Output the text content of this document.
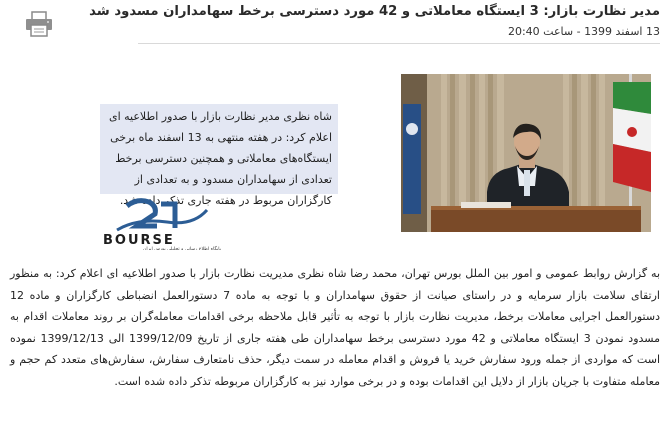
مدیر نظارت بازار: 3 ایستگاه معاملاتی و 42 مورد دسترسی برخط سهامداران مسدود شد
13 اسفند 1399 - ساعت 20:40
شاه نظری مدیر نظارت بازار با صدور اطلاعیه ای اعلام کرد: در هفته منتهی به 13 اسفند ماه برخی ایستگاه‌های معاملاتی و همچنین دسترسی برخط تعدادی از سهامداران مسدود و به تعدادی از کارگزاران مربوط در هفته جاری تذکر داده شد.
BOURSE
پایگاه اطلاع رسانی و تحلیلی بورس ایران
به گزارش روابط عمومی و امور بین الملل بورس تهران، محمد رضا شاه نظری مدیریت نظارت بازار با صدور اطلاعیه ای اعلام کرد: به منظور ارتقای سلامت بازار سرمایه و در راستای صیانت از حقوق سهامداران و با توجه به ماده 7 دستورالعمل انضباطی کارگزاران و ماده 12 دستورالعمل اجرایی معاملات برخط، مدیریت نظارت بازار با توجه به تأثیر قابل ملاحظه برخی اقدامات معامله‌گران بر روند معاملات اقدام به مسدود نمودن 3 ایستگاه معاملاتی و 42 مورد دسترسی برخط سهامداران طی هفته جاری از تاریخ 1399/12/09 الی 1399/12/13 نموده است که مواردی از جمله ورود سفارش خرید یا فروش و اقدام معامله در سمت دیگر، حذف نامتعارف سفارش، سفارش‌های متعدد کم حجم و معامله متفاوت با جریان بازار از دلایل این اقدامات بوده و در برخی موارد نیز به کارگزاران مربوطه تذکر داده شده است.
